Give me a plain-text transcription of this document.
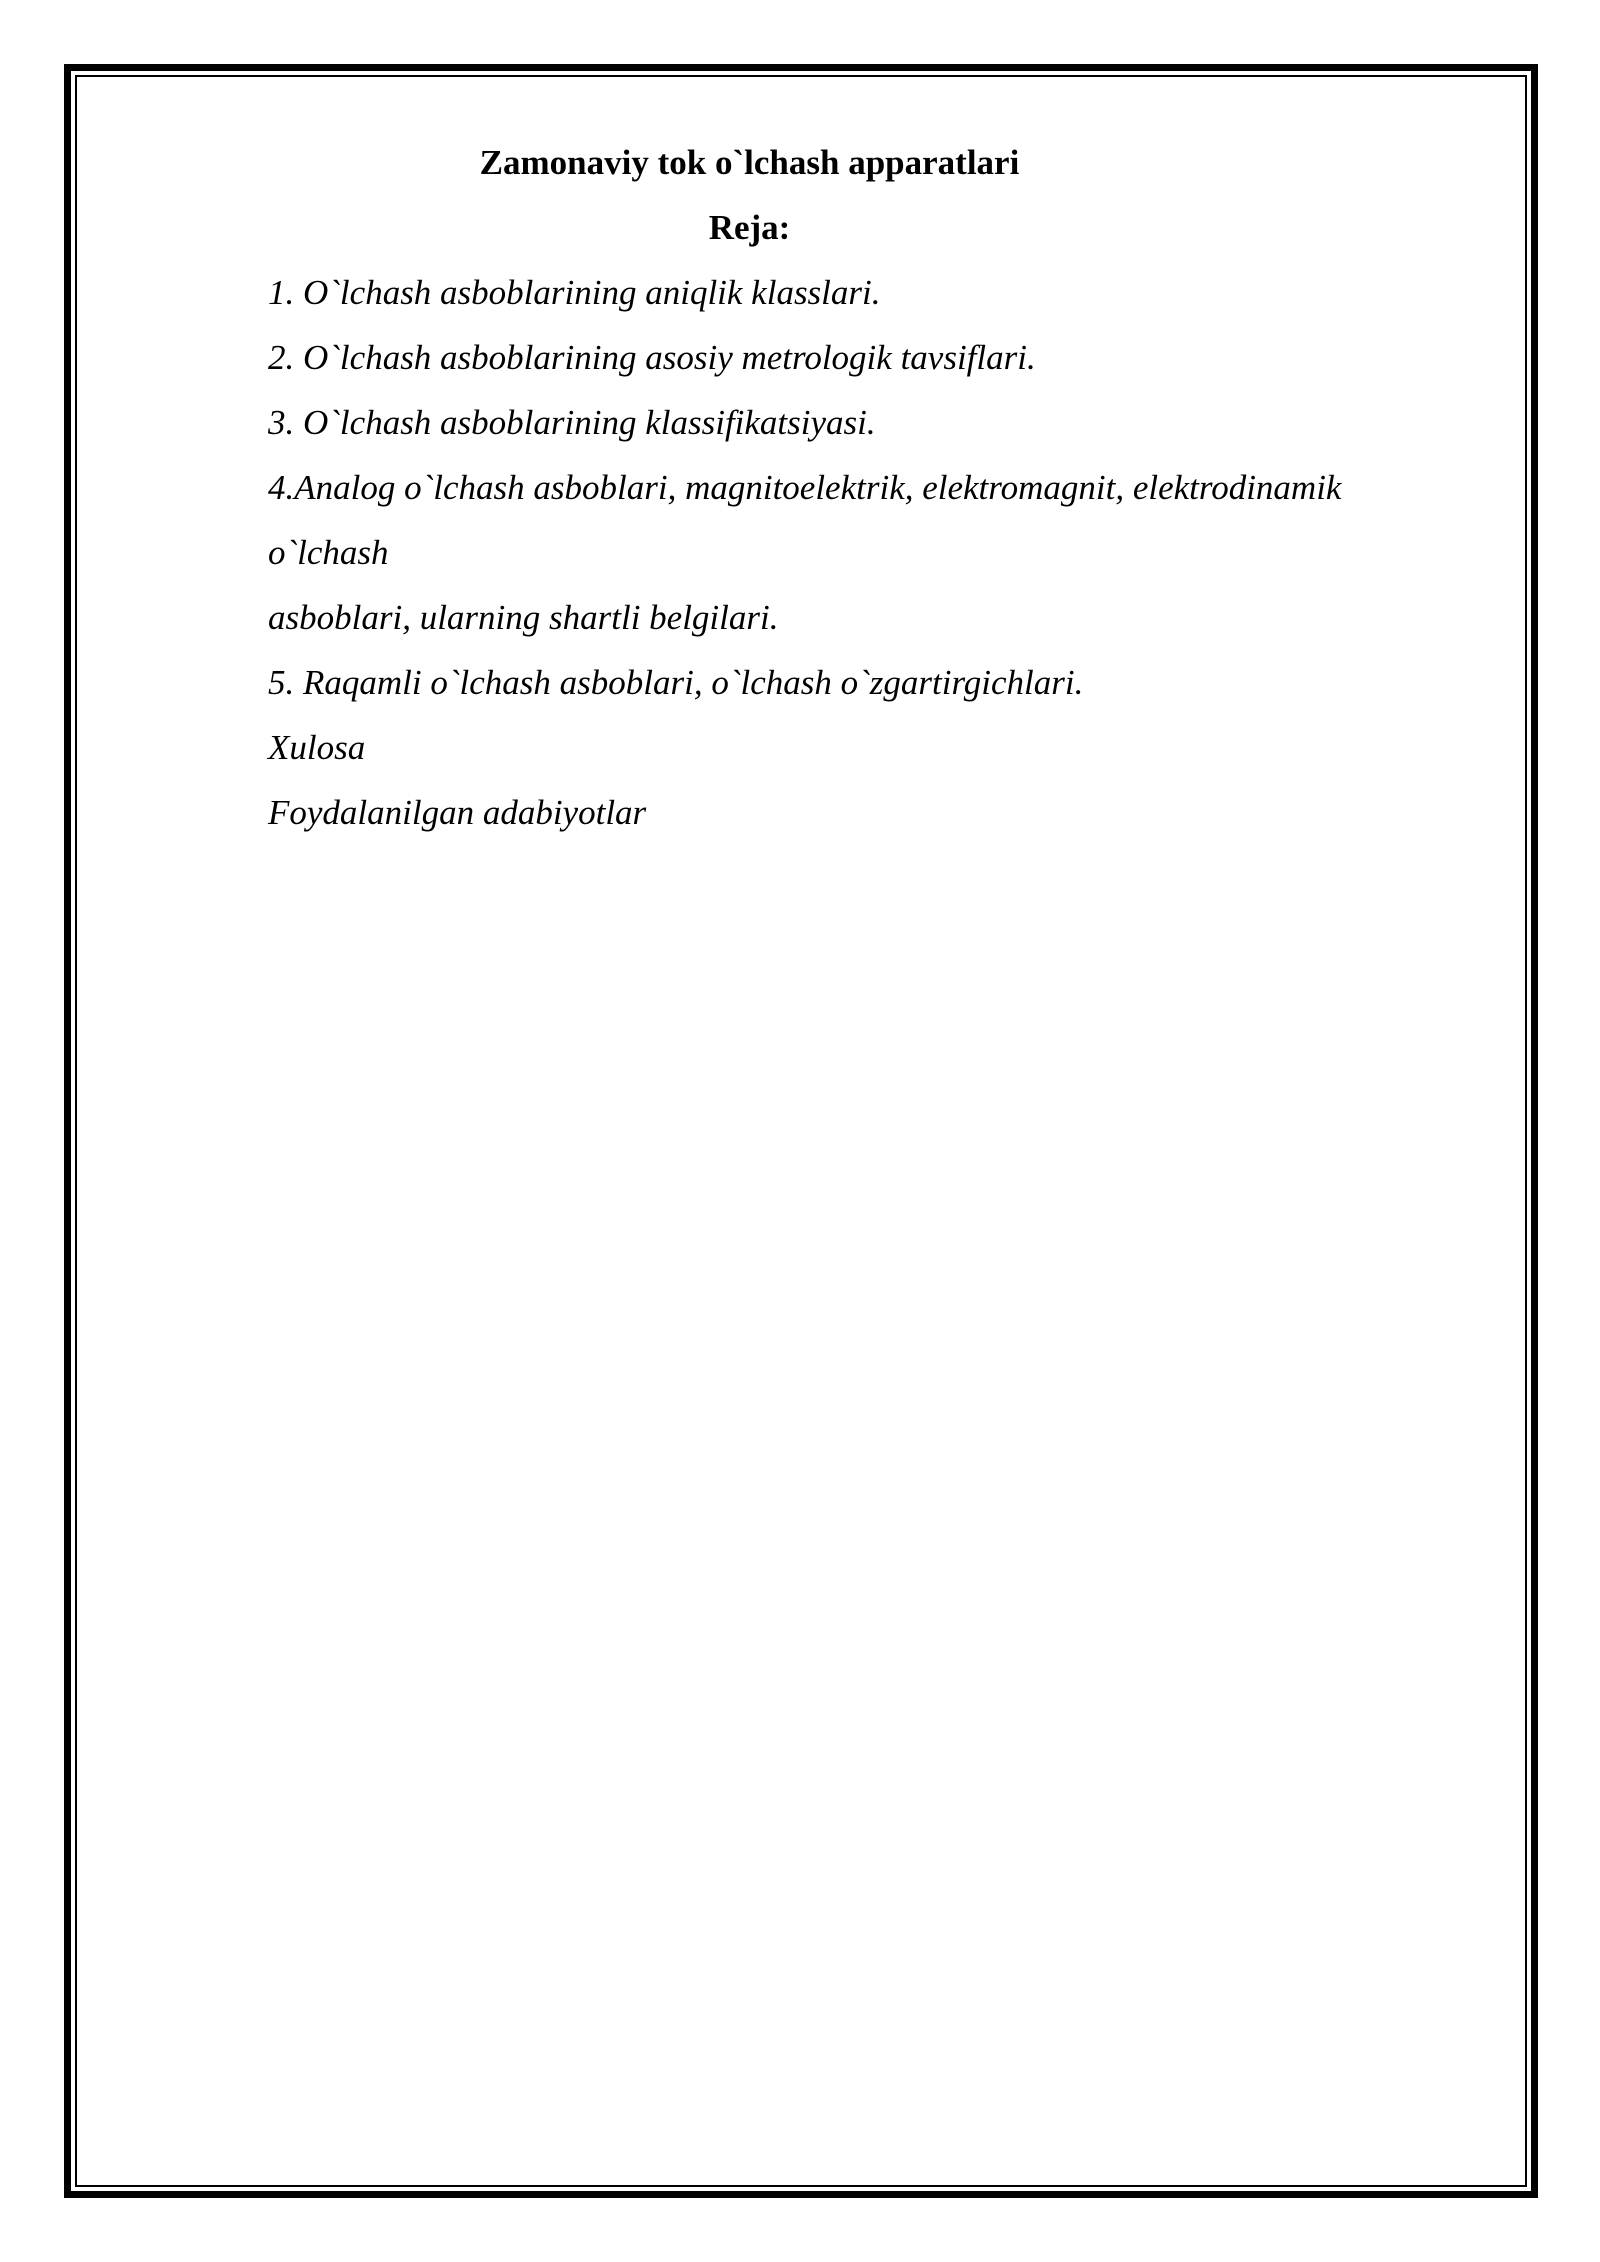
Zamonaviy tok o`lchash apparatlari
Reja:
1. O`lchash asboblarining aniqlik klasslari.
2. O`lchash asboblarining asosiy metrologik tavsiflari.
3. O`lchash asboblarining klassifikatsiyasi.
4.Analog o`lchash asboblari, magnitoelektrik, elektromagnit, elektrodinamik
o`lchash
asboblari, ularning shartli belgilari.
5. Raqamli o`lchash asboblari, o`lchash o`zgartirgichlari.
Xulosa
Foydalanilgan adabiyotlar
